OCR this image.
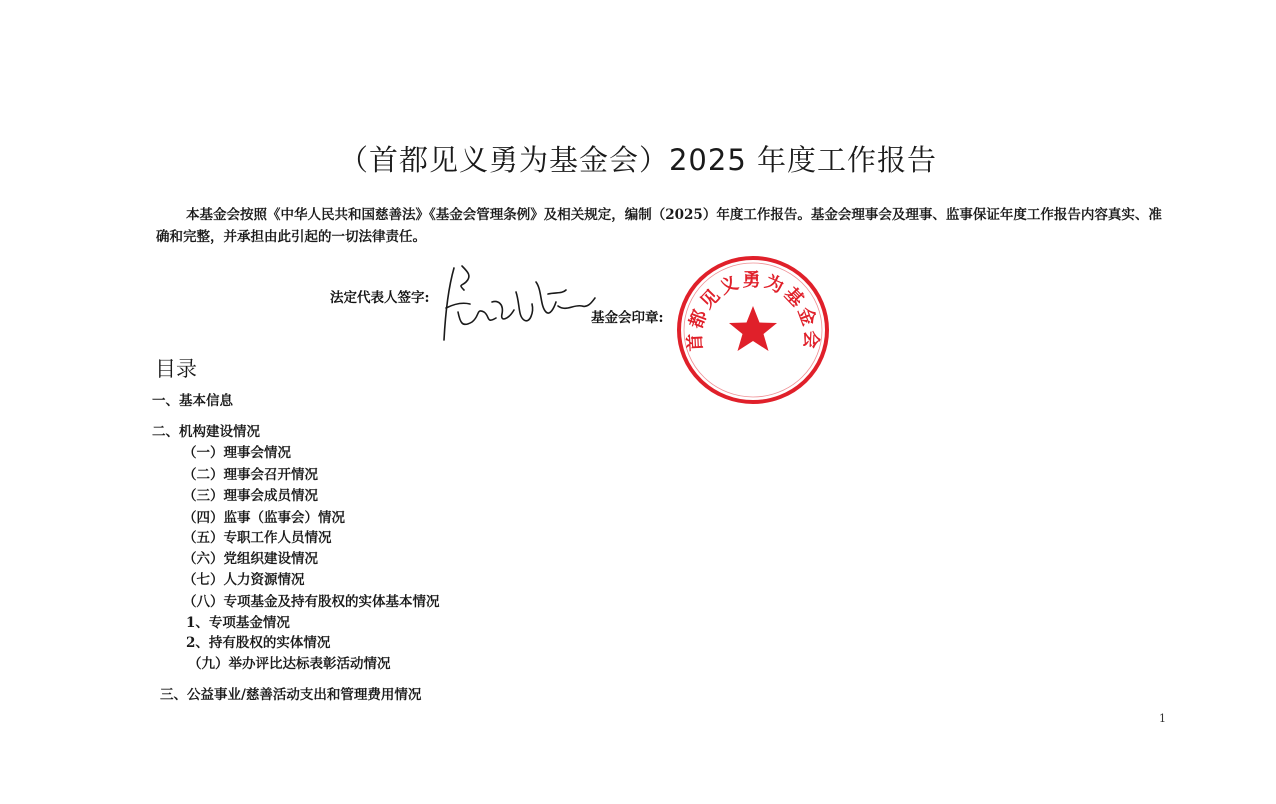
（首都见义勇为基金会）2025 年度工作报告
本基金会按照《中华人民共和国慈善法》《基金会管理条例》及相关规定，编制（2025）年度工作报告。基金会理事会及理事、监事保证年度工作报告内容真实、准确和完整，并承担由此引起的一切法律责任。
法定代表人签字:
基金会印章:
首都见义勇为基金会
目录
一、基本信息
二、机构建设情况
（一）理事会情况
（二）理事会召开情况
（三）理事会成员情况
（四）监事（监事会）情况
（五）专职工作人员情况
（六）党组织建设情况
（七）人力资源情况
（八）专项基金及持有股权的实体基本情况
1、专项基金情况
2、持有股权的实体情况
（九）举办评比达标表彰活动情况
三、公益事业/慈善活动支出和管理费用情况
1
